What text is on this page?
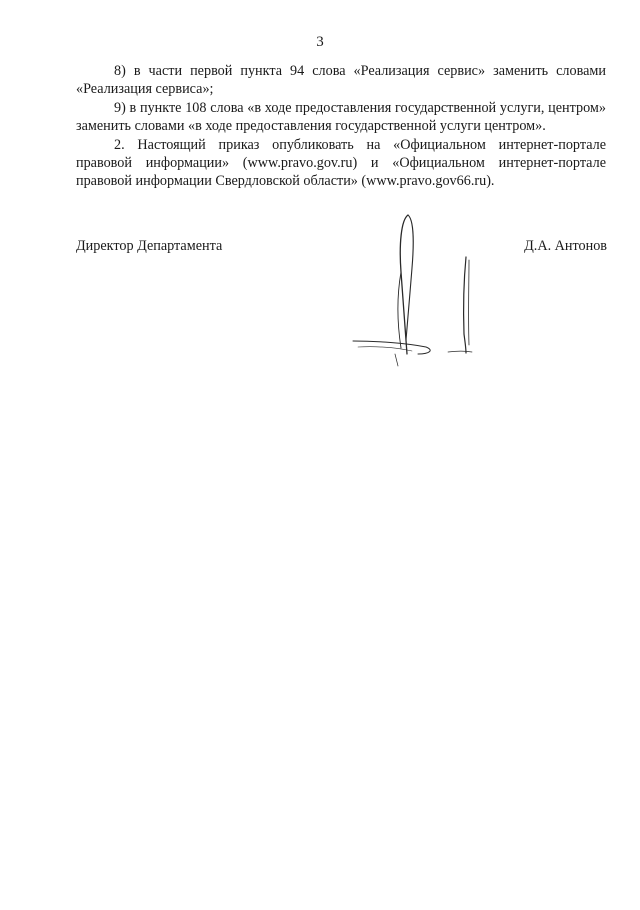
3

8) в части первой пункта 94 слова «Реализация сервис» заменить словами «Реализация сервиса»;

9) в пункте 108 слова «в ходе предоставления государственной услуги, центром» заменить словами «в ходе предоставления государственной услуги центром».

2. Настоящий приказ опубликовать на «Официальном интернет-портале правовой информации» (www.pravo.gov.ru) и «Официальном интернет-портале правовой информации Свердловской области» (www.pravo.gov66.ru).

Директор Департамента	Д.А. Антонов
